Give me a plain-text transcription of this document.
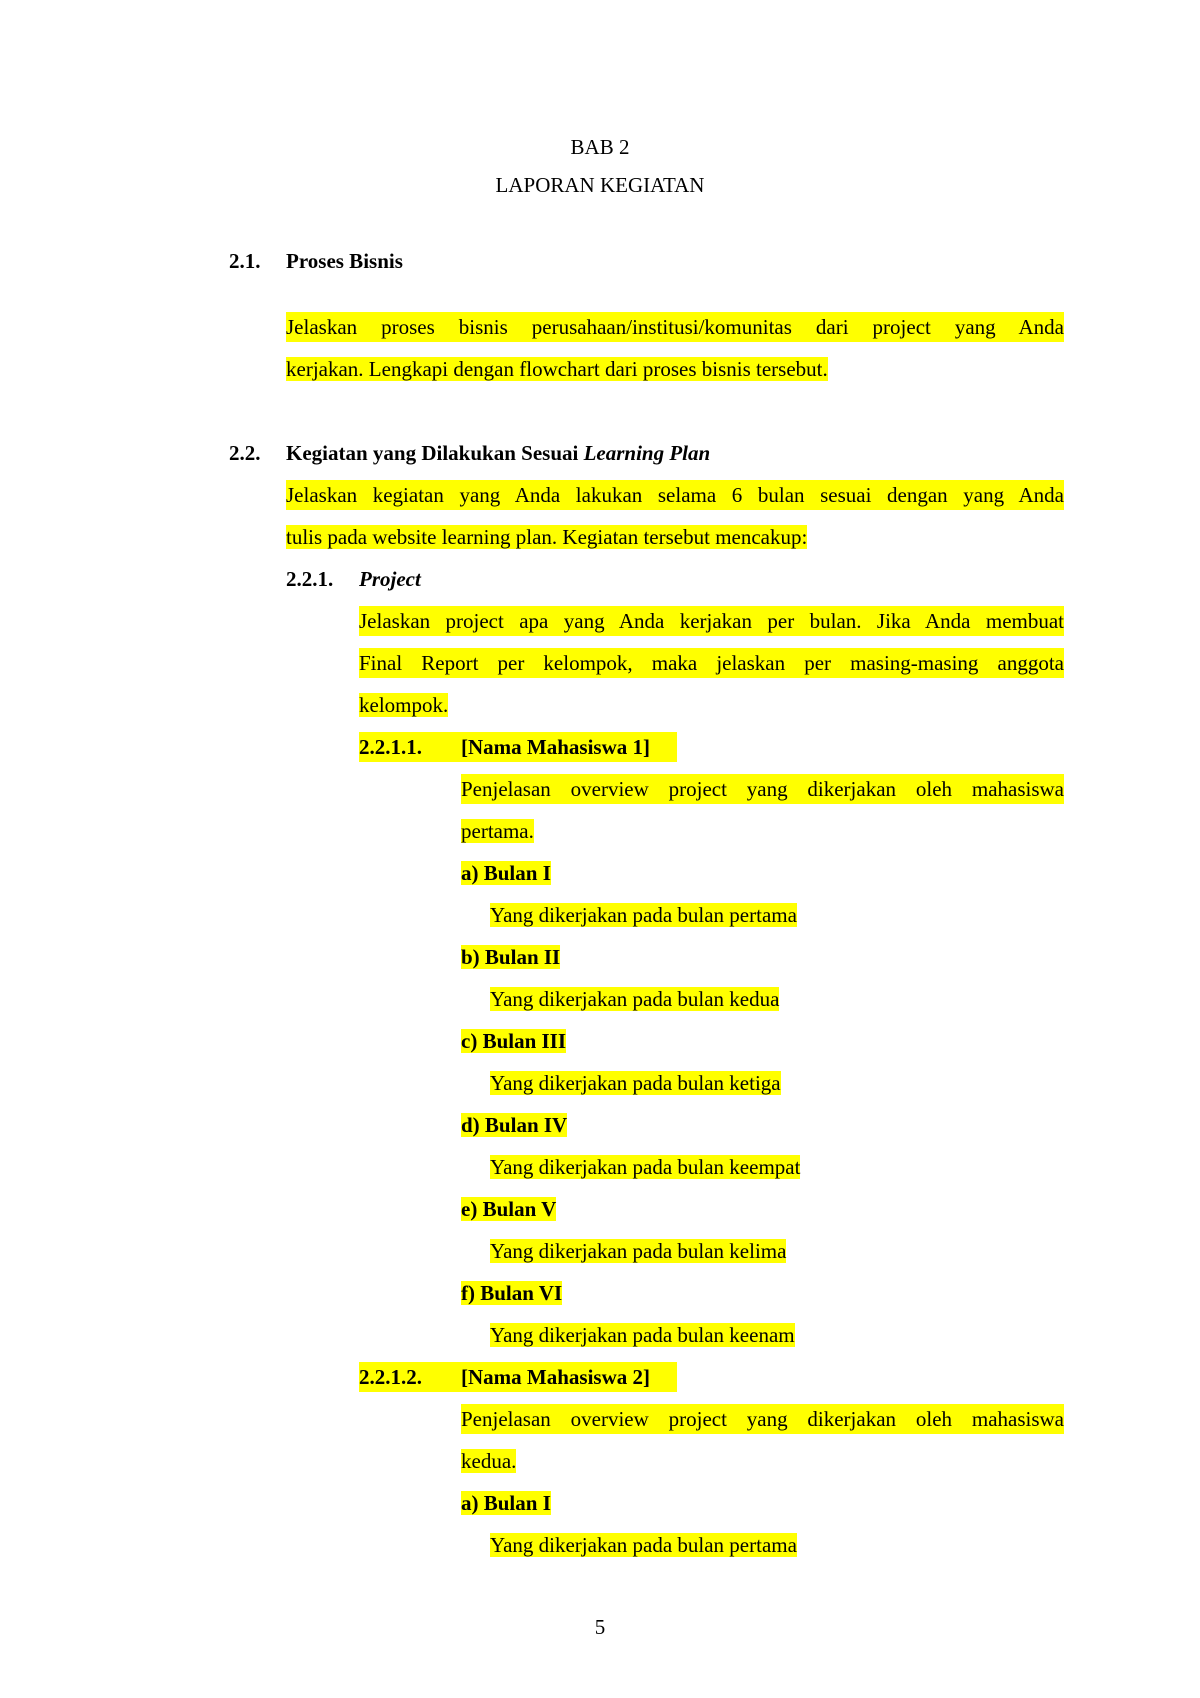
BAB 2
LAPORAN KEGIATAN
2.1. Proses Bisnis
Jelaskan proses bisnis perusahaan/institusi/komunitas dari project yang Anda
kerjakan. Lengkapi dengan flowchart dari proses bisnis tersebut.
2.2. Kegiatan yang Dilakukan Sesuai Learning Plan
Jelaskan kegiatan yang Anda lakukan selama 6 bulan sesuai dengan yang Anda
tulis pada website learning plan. Kegiatan tersebut mencakup:
2.2.1. Project
Jelaskan project apa yang Anda kerjakan per bulan. Jika Anda membuat
Final Report per kelompok, maka jelaskan per masing-masing anggota
kelompok.
2.2.1.1. [Nama Mahasiswa 1]
Penjelasan overview project yang dikerjakan oleh mahasiswa
pertama.
a) Bulan I
Yang dikerjakan pada bulan pertama
b) Bulan II
Yang dikerjakan pada bulan kedua
c) Bulan III
Yang dikerjakan pada bulan ketiga
d) Bulan IV
Yang dikerjakan pada bulan keempat
e) Bulan V
Yang dikerjakan pada bulan kelima
f) Bulan VI
Yang dikerjakan pada bulan keenam
2.2.1.2. [Nama Mahasiswa 2]
Penjelasan overview project yang dikerjakan oleh mahasiswa
kedua.
a) Bulan I
Yang dikerjakan pada bulan pertama
5
